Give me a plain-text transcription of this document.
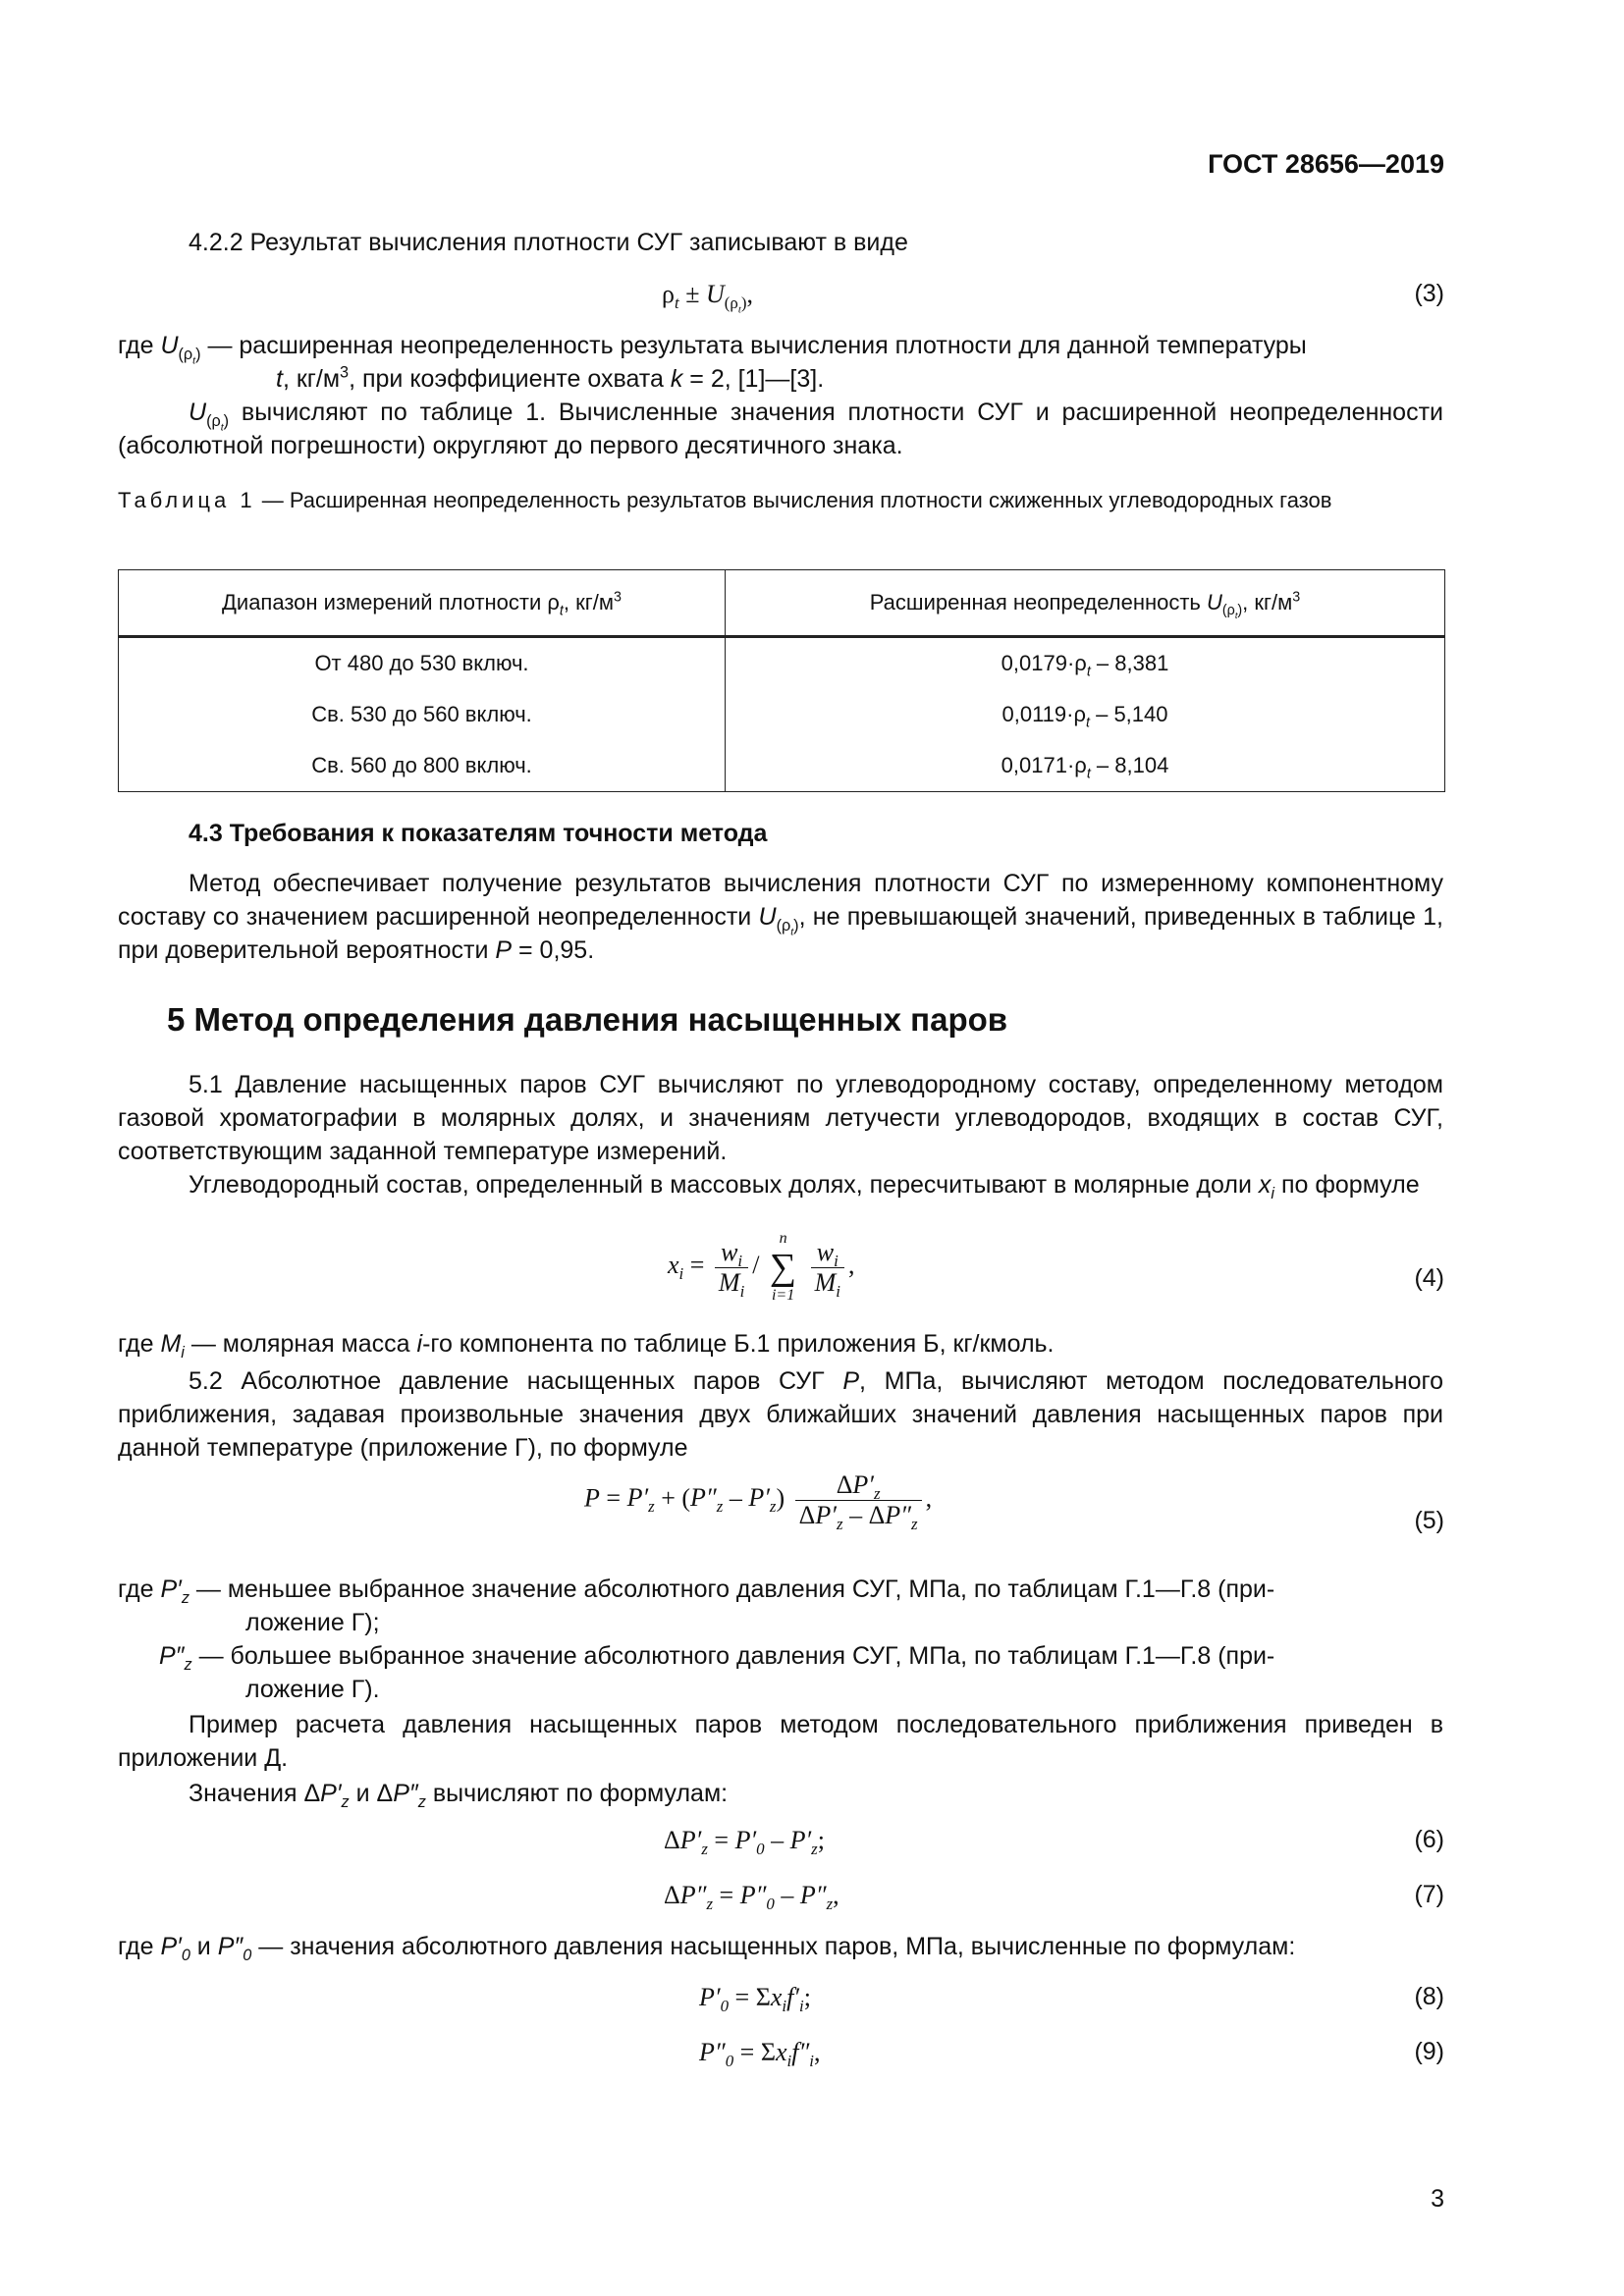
ГОСТ 28656—2019
4.2.2 Результат вычисления плотности СУГ записывают в виде
$\rho_t \pm U_{(\rho_t)}$,	(3)
где $U_{(\rho_t)}$ — расширенная неопределенность результата вычисления плотности для данной температуры
t, $кг/м^3$, при коэффициенте охвата k = 2, [1]—[3].
$U_{(\rho_t)}$ вычисляют по таблице 1. Вычисленные значения плотности СУГ и расширенной неопределенности (абсолютной погрешности) округляют до первого десятичного знака.
Таблица 1 — Расширенная неопределенность результатов вычисления плотности сжиженных углеводородных газов
Диапазон измерений плотности $\rho_t$, $кг/м^3$	Расширенная неопределенность $U_{(\rho_t)}$, $кг/м^3$
От 480 до 530 включ.	$0,0179\cdot\rho_t - 8,381$
Св. 530 до 560 включ.	$0,0119\cdot\rho_t - 5,140$
Св. 560 до 800 включ.	$0,0171\cdot\rho_t - 8,104$
4.3 Требования к показателям точности метода
Метод обеспечивает получение результатов вычисления плотности СУГ по измеренному компонентному составу со значением расширенной неопределенности $U_{(\rho_t)}$, не превышающей значений, приведенных в таблице 1, при доверительной вероятности P = 0,95.
5 Метод определения давления насыщенных паров
5.1 Давление насыщенных паров СУГ вычисляют по углеводородному составу, определенному методом газовой хроматографии в молярных долях, и значениям летучести углеводородов, входящих в состав СУГ, соответствующим заданной температуре измерений.
Углеводородный состав, определенный в массовых долях, пересчитывают в молярные доли $x_i$ по формуле
$x_i = \frac{w_i}{M_i}$ /
n
∑
i=1
$\frac{w_i}{M_i}$ ,	(4)
где $M_i$ — молярная масса i-го компонента по таблице Б.1 приложения Б, кг/кмоль.
5.2 Абсолютное давление насыщенных паров СУГ P, МПа, вычисляют методом последовательного приближения, задавая произвольные значения двух ближайших значений давления насыщенных паров при данной температуре (приложение Г), по формуле
$P = P'_z + (P''_z - P'_z) \frac{\Delta P'_z}{\Delta P'_z - \Delta P''_z}$ ,
(5)
где $P'_z$ — меньшее выбранное значение абсолютного давления СУГ, МПа, по таблицам Г.1—Г.8 (при-
ложение Г);
$P''_z$ — большее выбранное значение абсолютного давления СУГ, МПа, по таблицам Г.1—Г.8 (при-
ложение Г).
Пример расчета давления насыщенных паров методом последовательного приближения приведен в приложении Д.
Значения $\Delta P'_z$ и $\Delta P''_z$ вычисляют по формулам:
$\Delta P'_z = P'_0 - P'_z$;	(6)
$\Delta P''_z = P''_0 - P''_z$,	(7)
где $P'_0$ и $P''_0$ — значения абсолютного давления насыщенных паров, МПа, вычисленные по формулам:
$P'_0 = \Sigma x_if'_i$;	(8)
$P''_0 = \Sigma x_if''_i$,	(9)
3
